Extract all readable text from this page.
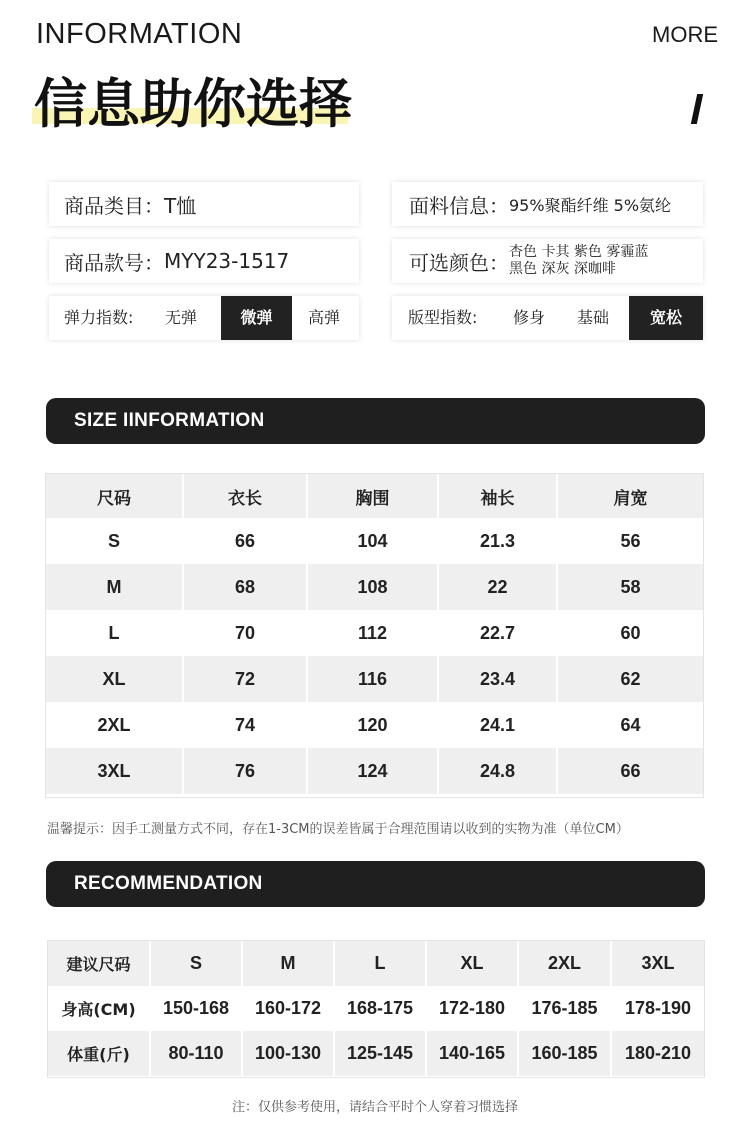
INFORMATION	MORE
信息助你选择
商品类目： T恤	面料信息： 95%聚酯纤维 5%氨纶
商品款号： MYY23-1517	可选颜色： 杏色 卡其 紫色 雾霾蓝
黑色 深灰 深咖啡
弹力指数:	无弹	微弹	高弹	版型指数:	修身	基础	宽松
SIZE IINFORMATION
尺码	衣长	胸围	袖长	肩宽
S	66	104	21.3	56
M	68	108	22	58
L	70	112	22.7	60
XL	72	116	23.4	62
2XL	74	120	24.1	64
3XL	76	124	24.8	66
温馨提示：因手工测量方式不同，存在1-3CM的误差皆属于合理范围请以收到的实物为准（单位CM）
RECOMMENDATION
建议尺码	S	M	L	XL	2XL	3XL
身高(CM)	150-168	160-172	168-175	172-180	176-185	178-190
体重(斤)	80-110	100-130	125-145	140-165	160-185	180-210
注：仅供参考使用，请结合平时个人穿着习惯选择
